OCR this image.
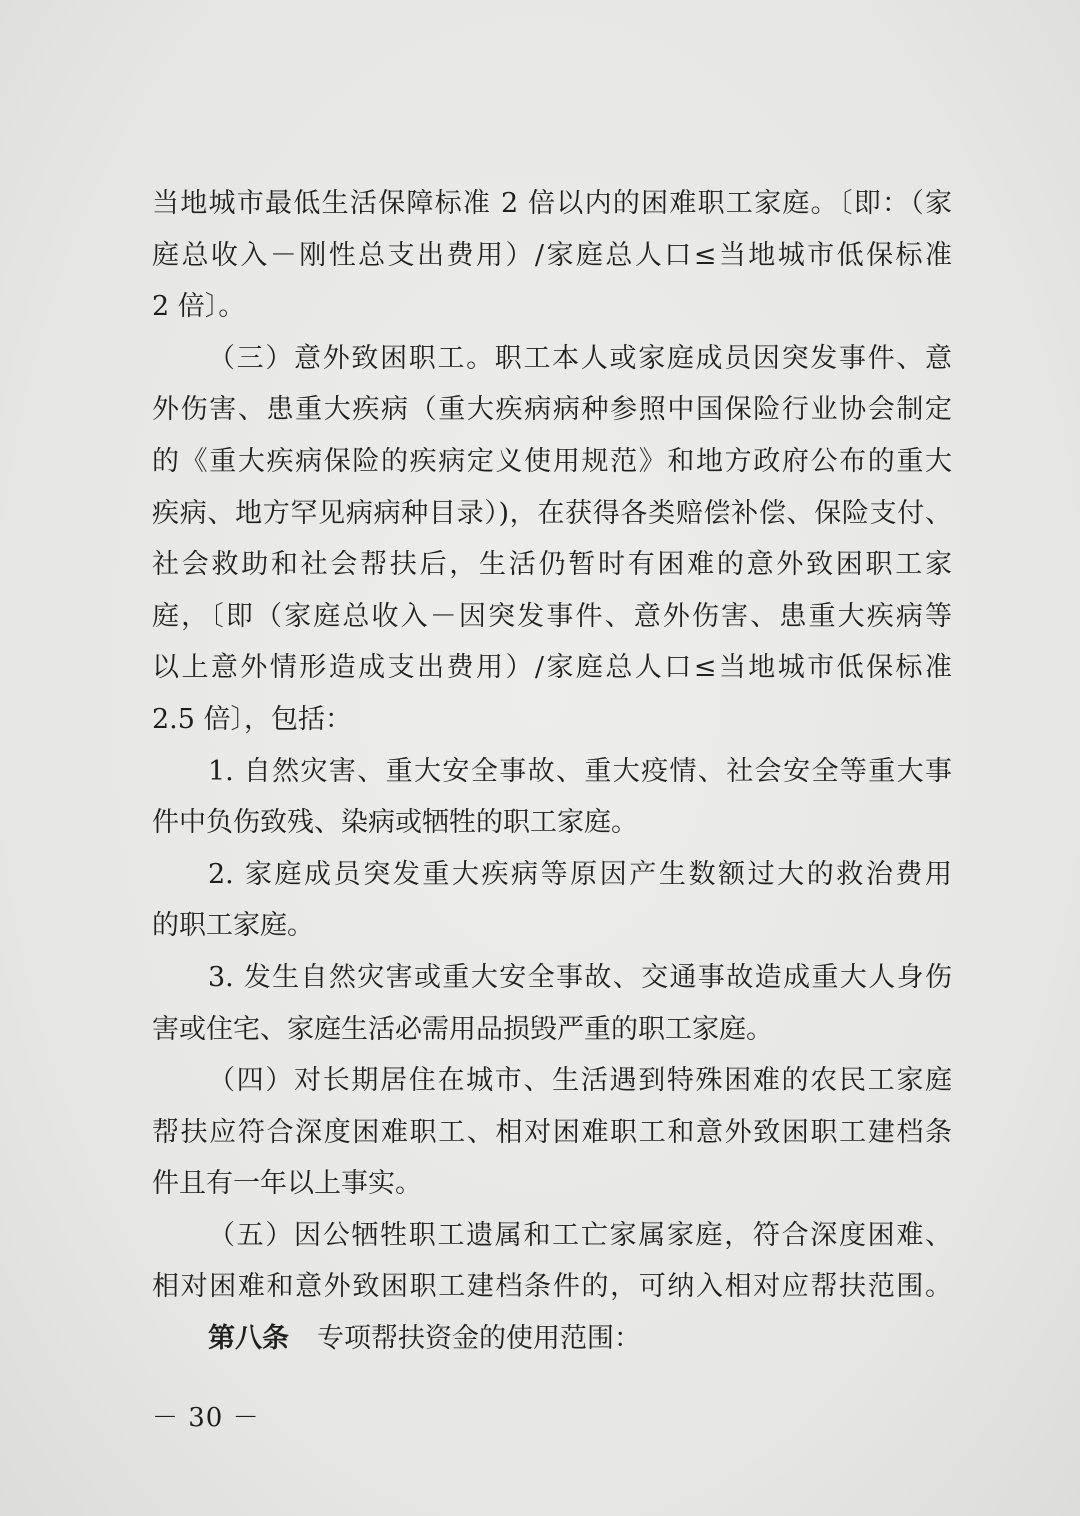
当地城市最低生活保障标准 2 倍以内的困难职工家庭。〔即：（家
庭总收入－刚性总支出费用）/家庭总人口≤当地城市低保标准
2 倍〕。
（三）意外致困职工。职工本人或家庭成员因突发事件、意
外伤害、患重大疾病（重大疾病病种参照中国保险行业协会制定
的《重大疾病保险的疾病定义使用规范》和地方政府公布的重大
疾病、地方罕见病病种目录）)，在获得各类赔偿补偿、保险支付、
社会救助和社会帮扶后，生活仍暂时有困难的意外致困职工家
庭，〔即（家庭总收入－因突发事件、意外伤害、患重大疾病等
以上意外情形造成支出费用）/家庭总人口≤当地城市低保标准
2.5 倍〕，包括：
1. 自然灾害、重大安全事故、重大疫情、社会安全等重大事
件中负伤致残、染病或牺牲的职工家庭。
2. 家庭成员突发重大疾病等原因产生数额过大的救治费用
的职工家庭。
3. 发生自然灾害或重大安全事故、交通事故造成重大人身伤
害或住宅、家庭生活必需用品损毁严重的职工家庭。
（四）对长期居住在城市、生活遇到特殊困难的农民工家庭
帮扶应符合深度困难职工、相对困难职工和意外致困职工建档条
件且有一年以上事实。
（五）因公牺牲职工遗属和工亡家属家庭，符合深度困难、
相对困难和意外致困职工建档条件的，可纳入相对应帮扶范围。
第八条 专项帮扶资金的使用范围：
－ 30 －
